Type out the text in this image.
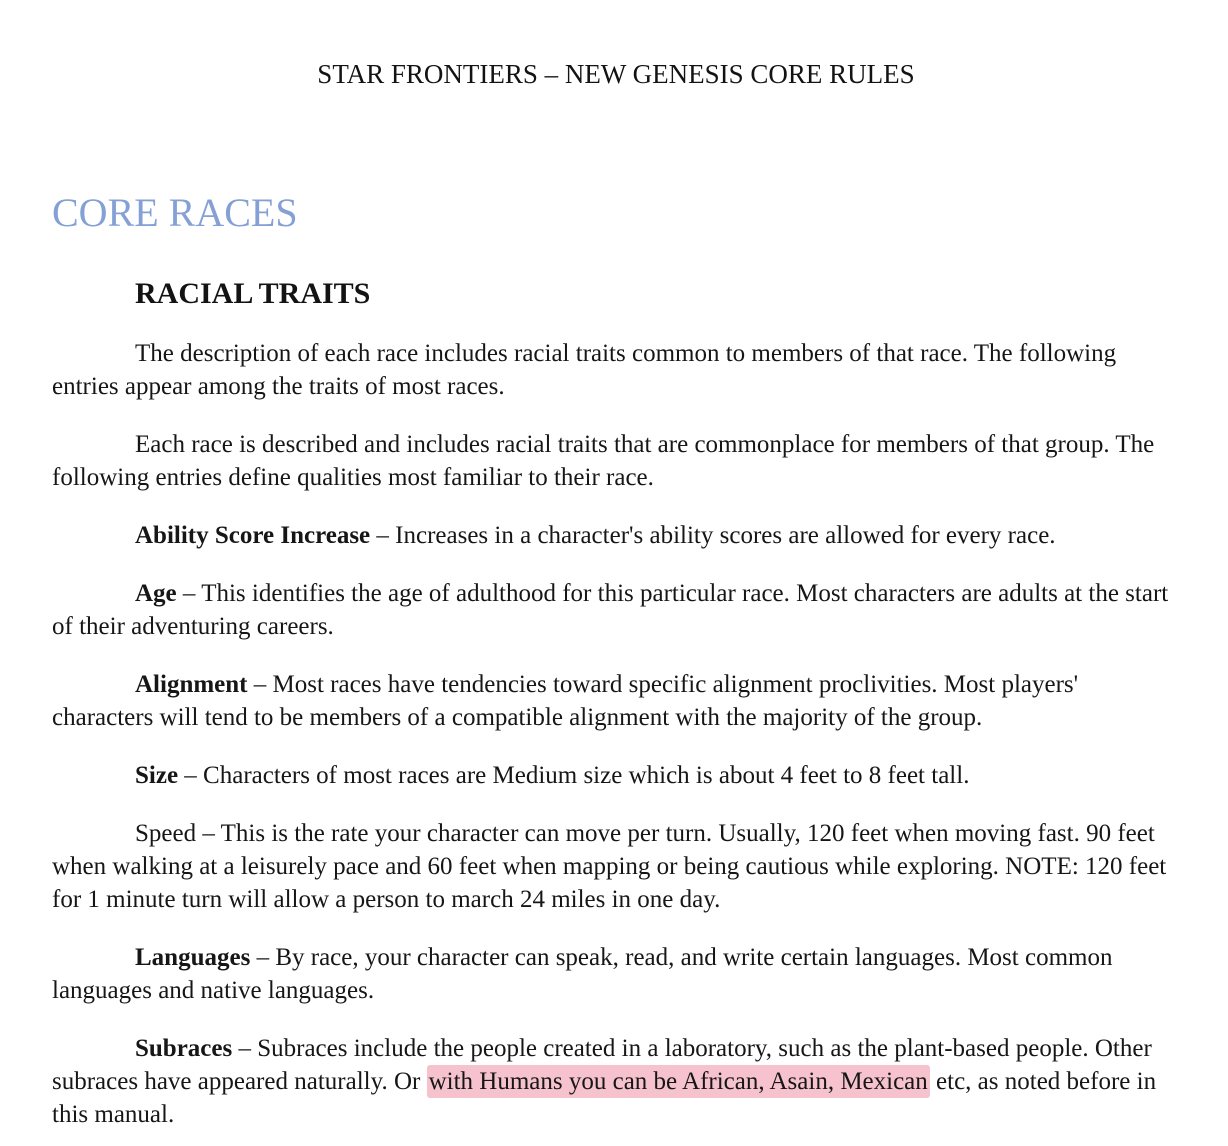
STAR FRONTIERS – NEW GENESIS CORE RULES

CORE RACES
RACIAL TRAITS

The description of each race includes racial traits common to members of that race. The following entries appear among the traits of most races.

Each race is described and includes racial traits that are commonplace for members of that group. The following entries define qualities most familiar to their race.

Ability Score Increase – Increases in a character's ability scores are allowed for every race.

Age – This identifies the age of adulthood for this particular race. Most characters are adults at the start of their adventuring careers.

Alignment – Most races have tendencies toward specific alignment proclivities. Most players' characters will tend to be members of a compatible alignment with the majority of the group.

Size – Characters of most races are Medium size which is about 4 feet to 8 feet tall.

Speed – This is the rate your character can move per turn. Usually, 120 feet when moving fast. 90 feet when walking at a leisurely pace and 60 feet when mapping or being cautious while exploring. NOTE: 120 feet for 1 minute turn will allow a person to march 24 miles in one day.

Languages – By race, your character can speak, read, and write certain languages. Most common languages and native languages.

Subraces – Subraces include the people created in a laboratory, such as the plant-based people. Other subraces have appeared naturally. Or with Humans you can be African, Asain, Mexican etc, as noted before in this manual.
